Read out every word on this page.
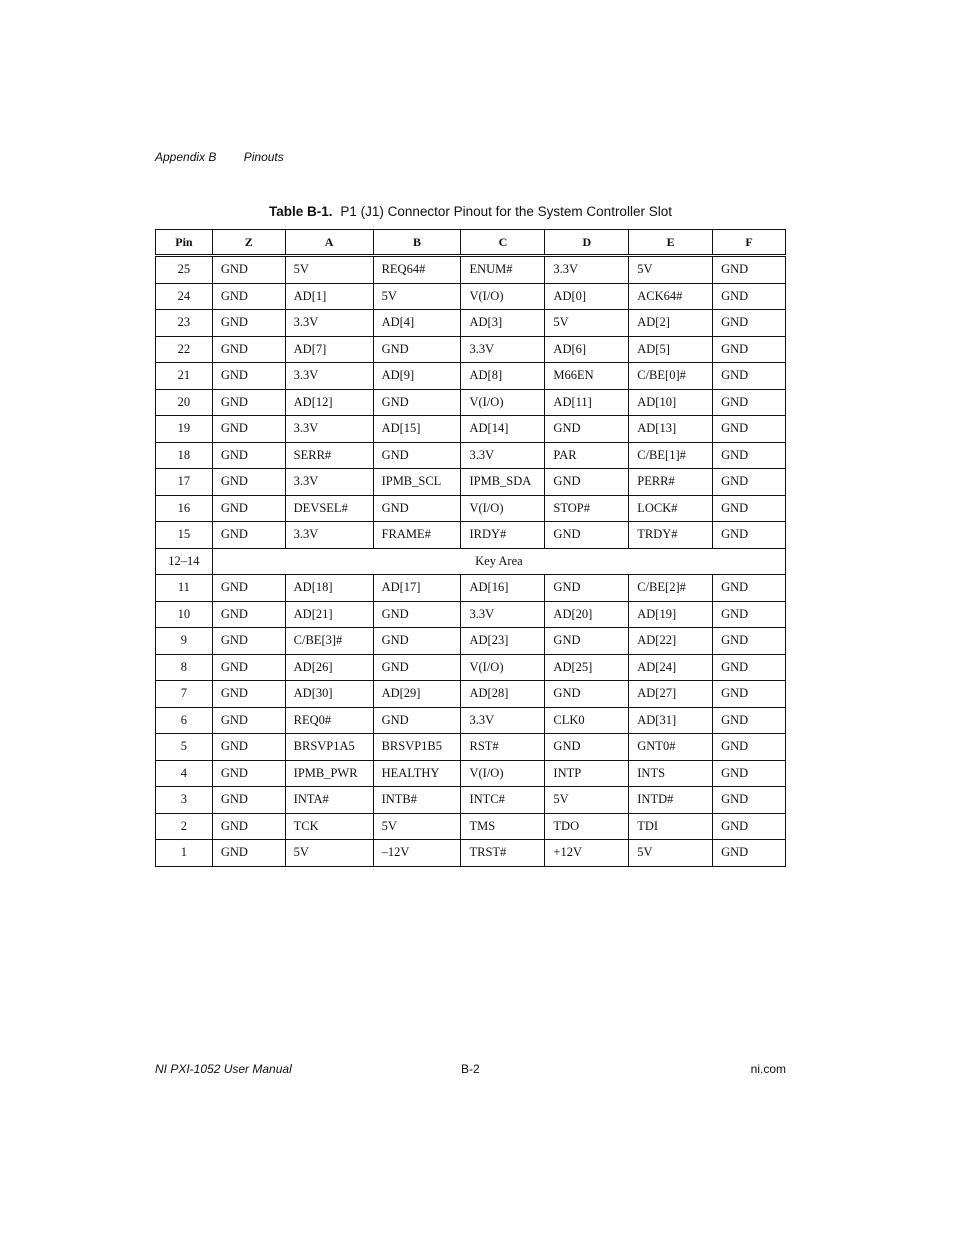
Appendix B Pinouts
Table B-1. P1 (J1) Connector Pinout for the System Controller Slot
Pin	Z	A	B	C	D	E	F
25	GND	5V	REQ64#	ENUM#	3.3V	5V	GND
24	GND	AD[1]	5V	V(I/O)	AD[0]	ACK64#	GND
23	GND	3.3V	AD[4]	AD[3]	5V	AD[2]	GND
22	GND	AD[7]	GND	3.3V	AD[6]	AD[5]	GND
21	GND	3.3V	AD[9]	AD[8]	M66EN	C/BE[0]#	GND
20	GND	AD[12]	GND	V(I/O)	AD[11]	AD[10]	GND
19	GND	3.3V	AD[15]	AD[14]	GND	AD[13]	GND
18	GND	SERR#	GND	3.3V	PAR	C/BE[1]#	GND
17	GND	3.3V	IPMB_SCL	IPMB_SDA	GND	PERR#	GND
16	GND	DEVSEL#	GND	V(I/O)	STOP#	LOCK#	GND
15	GND	3.3V	FRAME#	IRDY#	GND	TRDY#	GND
12–14	Key Area						
11	GND	AD[18]	AD[17]	AD[16]	GND	C/BE[2]#	GND
10	GND	AD[21]	GND	3.3V	AD[20]	AD[19]	GND
9	GND	C/BE[3]#	GND	AD[23]	GND	AD[22]	GND
8	GND	AD[26]	GND	V(I/O)	AD[25]	AD[24]	GND
7	GND	AD[30]	AD[29]	AD[28]	GND	AD[27]	GND
6	GND	REQ0#	GND	3.3V	CLK0	AD[31]	GND
5	GND	BRSVP1A5	BRSVP1B5	RST#	GND	GNT0#	GND
4	GND	IPMB_PWR	HEALTHY	V(I/O)	INTP	INTS	GND
3	GND	INTA#	INTB#	INTC#	5V	INTD#	GND
2	GND	TCK	5V	TMS	TDO	TDI	GND
1	GND	5V	–12V	TRST#	+12V	5V	GND
NI PXI-1052 User Manual	B-2	ni.com
